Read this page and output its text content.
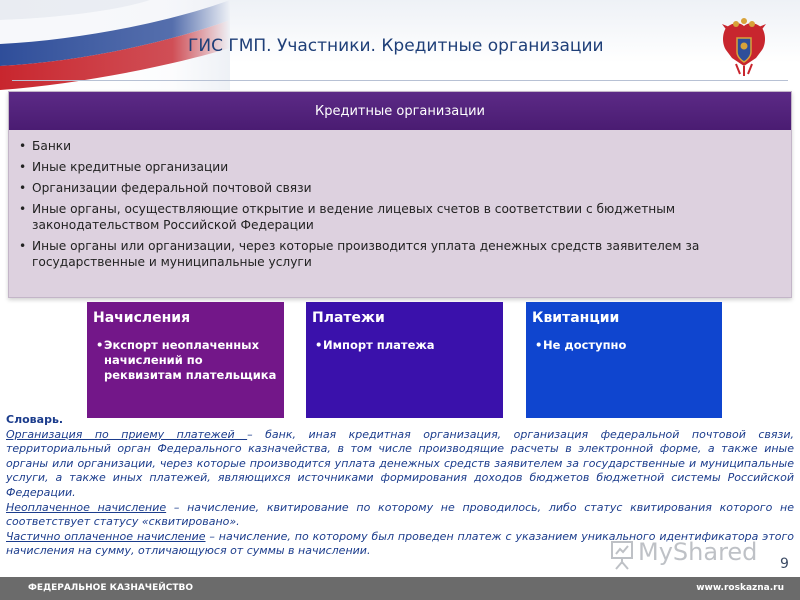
ГИС ГМП. Участники. Кредитные организации
Кредитные организации
• Банки
• Иные кредитные организации
• Организации федеральной почтовой связи
• Иные органы, осуществляющие открытие и ведение лицевых счетов в соответствии с бюджетным законодательством Российской Федерации
• Иные органы или организации, через которые производится уплата денежных средств заявителем за государственные и муниципальные услуги
Начисления
• Экспорт неоплаченных начислений по реквизитам плательщика
Платежи
• Импорт платежа
Квитанции
• Не доступно
Словарь.

Организация по приему платежей – банк, иная кредитная организация, организация федеральной почтовой связи, территориальный орган Федерального казначейства, в том числе производящие расчеты в электронной форме, а также иные органы или организации, через которые производится уплата денежных средств заявителем за государственные и муниципальные услуги, а также иных платежей, являющихся источниками формирования доходов бюджетов бюджетной системы Российской Федерации.

Неоплаченное начисление – начисление, квитирование по которому не проводилось, либо статус квитирования которого не соответствует статусу «сквитировано».

Частично оплаченное начисление – начисление, по которому был проведен платеж с указанием уникального идентификатора этого начисления на сумму, отличающуюся от суммы в начислении.	MyShared 9
ФЕДЕРАЛЬНОЕ КАЗНАЧЕЙСТВО	www.roskazna.ru
